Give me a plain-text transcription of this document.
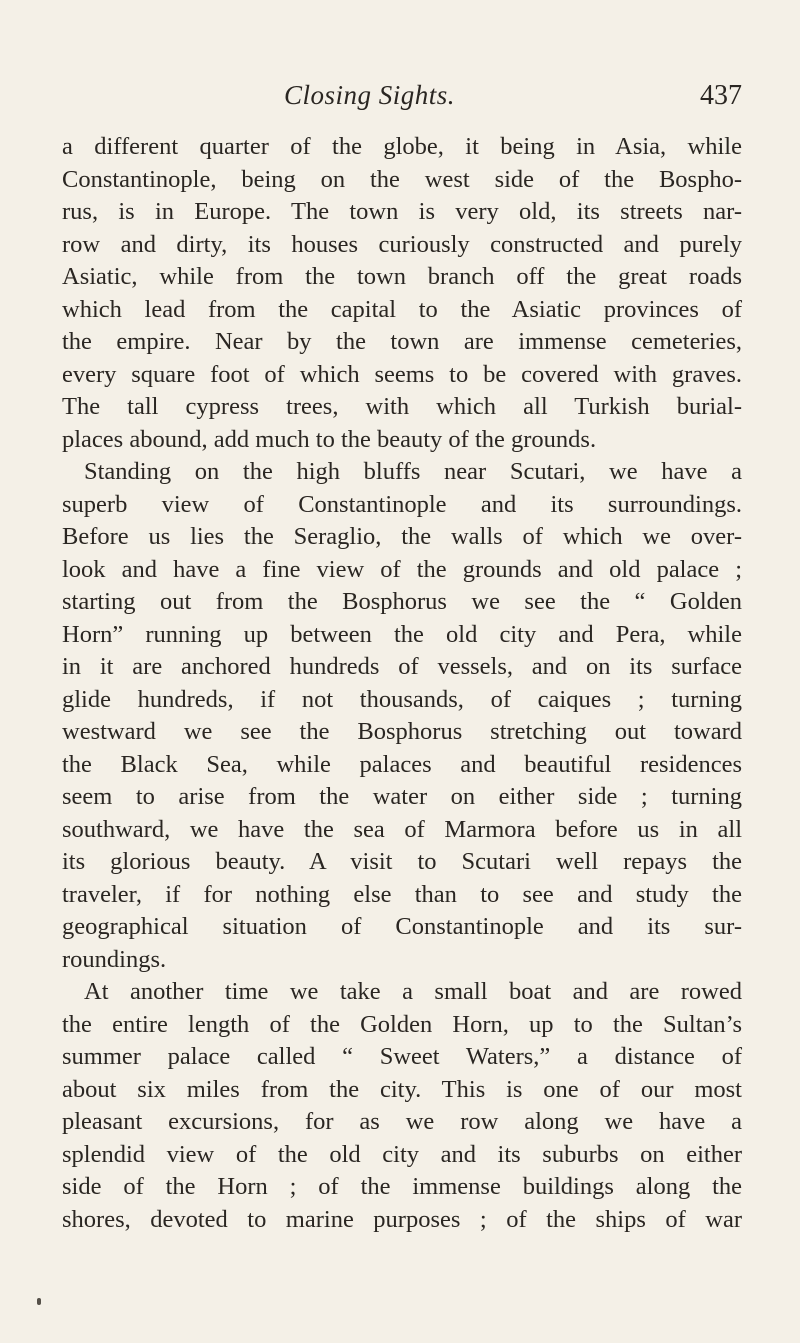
Closing Sights.	437
a different quarter of the globe, it being in Asia, while
Constantinople, being on the west side of the Bospho-
rus, is in Europe. The town is very old, its streets nar-
row and dirty, its houses curiously constructed and purely
Asiatic, while from the town branch off the great roads
which lead from the capital to the Asiatic provinces of
the empire. Near by the town are immense cemeteries,
every square foot of which seems to be covered with graves.
The tall cypress trees, with which all Turkish burial-
places abound, add much to the beauty of the grounds.
Standing on the high bluffs near Scutari, we have a
superb view of Constantinople and its surroundings.
Before us lies the Seraglio, the walls of which we over-
look and have a fine view of the grounds and old palace ;
starting out from the Bosphorus we see the “ Golden
Horn” running up between the old city and Pera, while
in it are anchored hundreds of vessels, and on its surface
glide hundreds, if not thousands, of caiques ; turning
westward we see the Bosphorus stretching out toward
the Black Sea, while palaces and beautiful residences
seem to arise from the water on either side ; turning
southward, we have the sea of Marmora before us in all
its glorious beauty. A visit to Scutari well repays the
traveler, if for nothing else than to see and study the
geographical situation of Constantinople and its sur-
roundings.
At another time we take a small boat and are rowed
the entire length of the Golden Horn, up to the Sultan’s
summer palace called “ Sweet Waters,” a distance of
about six miles from the city. This is one of our most
pleasant excursions, for as we row along we have a
splendid view of the old city and its suburbs on either
side of the Horn ; of the immense buildings along the
shores, devoted to marine purposes ; of the ships of war
